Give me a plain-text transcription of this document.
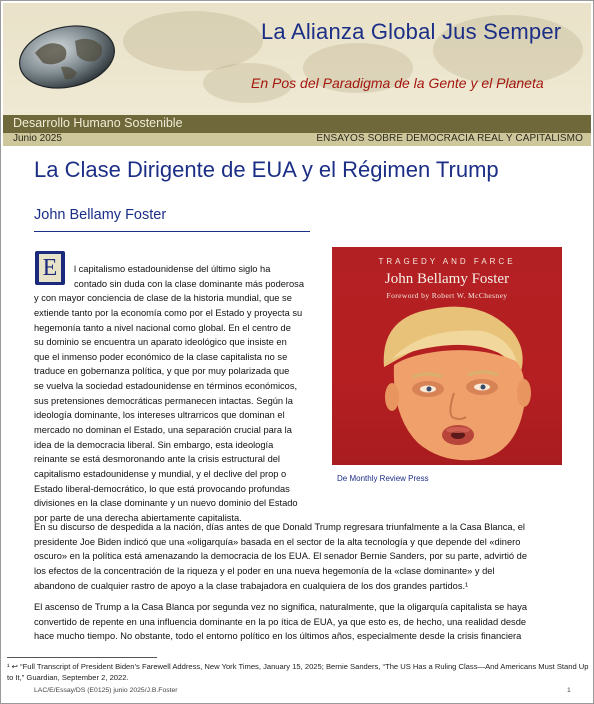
La Alianza Global Jus Semper
En Pos del Paradigma de la Gente y el Planeta
Desarrollo Humano Sostenible
Junio 2025	ENSAYOS SOBRE DEMOCRACIA REAL Y CAPITALISMO
La Clase Dirigente de EUA y el Régimen Trump
John Bellamy Foster
E	l capitalismo estadounidense del último siglo ha
contado sin duda con la clase dominante más poderosa
y con mayor conciencia de clase de la historia mundial, que se
extiende tanto por la economía como por el Estado y proyecta su
hegemonía tanto a nivel nacional como global. En el centro de
su dominio se encuentra un aparato ideológico que insiste en
que el inmenso poder económico de la clase capitalista no se
traduce en gobernanza política, y que por muy polarizada que
se vuelva la sociedad estadounidense en términos económicos,
sus pretensiones democráticas permanecen intactas. Según la
ideología dominante, los intereses ultrarricos que dominan el
mercado no dominan el Estado, una separación crucial para la
idea de la democracia liberal. Sin embargo, esta ideología
reinante se está desmoronando ante la crisis estructural del
capitalismo estadounidense y mundial, y el declive del prop o
Estado liberal-democrático, lo que está provocando profundas
divisiones en la clase dominante y un nuevo dominio del Estado
por parte de una derecha abiertamente capitalista.
TRAGEDY AND FARCE
John Bellamy Foster
Foreword by Robert W. McChesney
De Monthly Review Press
En su discurso de despedida a la nación, días antes de que Donald Trump regresara triunfalmente a la Casa Blanca, el
presidente Joe Biden indicó que una «oligarquía» basada en el sector de la alta tecnología y que depende del «dinero
oscuro» en la política está amenazando la democracia de los EUA. El senador Bernie Sanders, por su parte, advirtió de
los efectos de la concentración de la riqueza y el poder en una nueva hegemonía de la «clase dominante» y del
abandono de cualquier rastro de apoyo a la clase trabajadora en cualquiera de los dos grandes partidos.¹
El ascenso de Trump a la Casa Blanca por segunda vez no significa, naturalmente, que la oligarquía capitalista se haya
convertido de repente en una influencia dominante en la po ítica de EUA, ya que esto es, de hecho, una realidad desde
hace mucho tiempo. No obstante, todo el entorno político en los últimos años, especialmente desde la crisis financiera
¹ ↩ “Full Transcript of President Biden’s Farewell Address, New York Times, January 15, 2025; Bernie Sanders, “The US Has a Ruling Class—And Americans Must Stand Up to It,” Guardian, September 2, 2022.
LAC/E/Essay/DS (E0125) junio 2025/J.B.Foster	1
